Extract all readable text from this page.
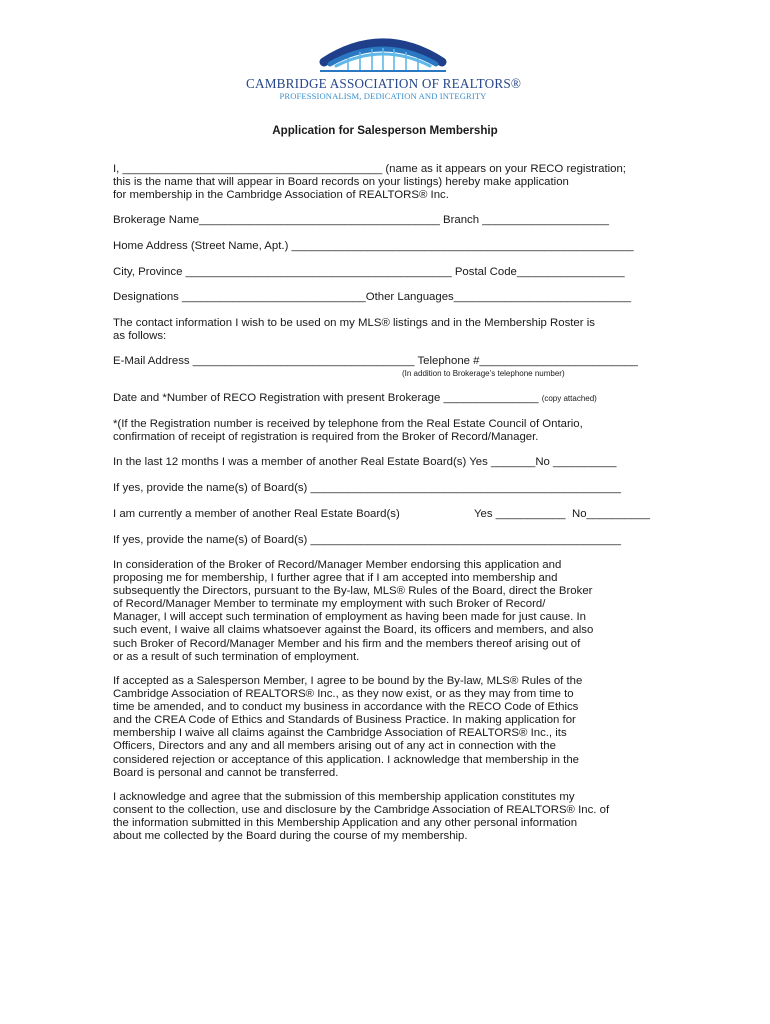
CAMBRIDGE ASSOCIATION OF REALTORS®
PROFESSIONALISM, DEDICATION AND INTEGRITY
Application for Salesperson Membership
I, _________________________________________ (name as it appears on your RECO registration;
this is the name that will appear in Board records on your listings) hereby make application
for membership in the Cambridge Association of REALTORS® Inc.
Brokerage Name______________________________________ Branch ____________________
Home Address (Street Name, Apt.) ______________________________________________________
City, Province __________________________________________ Postal Code_________________
Designations _____________________________Other Languages____________________________
The contact information I wish to be used on my MLS® listings and in the Membership Roster is
as follows:
E-Mail Address ___________________________________ Telephone #_________________________
(In addition to Brokerage’s telephone number)
Date and *Number of RECO Registration with present Brokerage _______________ (copy attached)
*(If the Registration number is received by telephone from the Real Estate Council of Ontario,
confirmation of receipt of registration is required from the Broker of Record/Manager.
In the last 12 months I was a member of another Real Estate Board(s) Yes _______No __________
If yes, provide the name(s) of Board(s) _________________________________________________
I am currently a member of another Real Estate Board(s)	Yes ___________ No__________
If yes, provide the name(s) of Board(s) _________________________________________________
In consideration of the Broker of Record/Manager Member endorsing this application and
proposing me for membership, I further agree that if I am accepted into membership and
subsequently the Directors, pursuant to the By-law, MLS® Rules of the Board, direct the Broker
of Record/Manager Member to terminate my employment with such Broker of Record/
Manager, I will accept such termination of employment as having been made for just cause. In
such event, I waive all claims whatsoever against the Board, its officers and members, and also
such Broker of Record/Manager Member and his firm and the members thereof arising out of
or as a result of such termination of employment.
If accepted as a Salesperson Member, I agree to be bound by the By-law, MLS® Rules of the
Cambridge Association of REALTORS® Inc., as they now exist, or as they may from time to
time be amended, and to conduct my business in accordance with the RECO Code of Ethics
and the CREA Code of Ethics and Standards of Business Practice. In making application for
membership I waive all claims against the Cambridge Association of REALTORS® Inc., its
Officers, Directors and any and all members arising out of any act in connection with the
considered rejection or acceptance of this application. I acknowledge that membership in the
Board is personal and cannot be transferred.
I acknowledge and agree that the submission of this membership application constitutes my
consent to the collection, use and disclosure by the Cambridge Association of REALTORS® Inc. of
the information submitted in this Membership Application and any other personal information
about me collected by the Board during the course of my membership.
